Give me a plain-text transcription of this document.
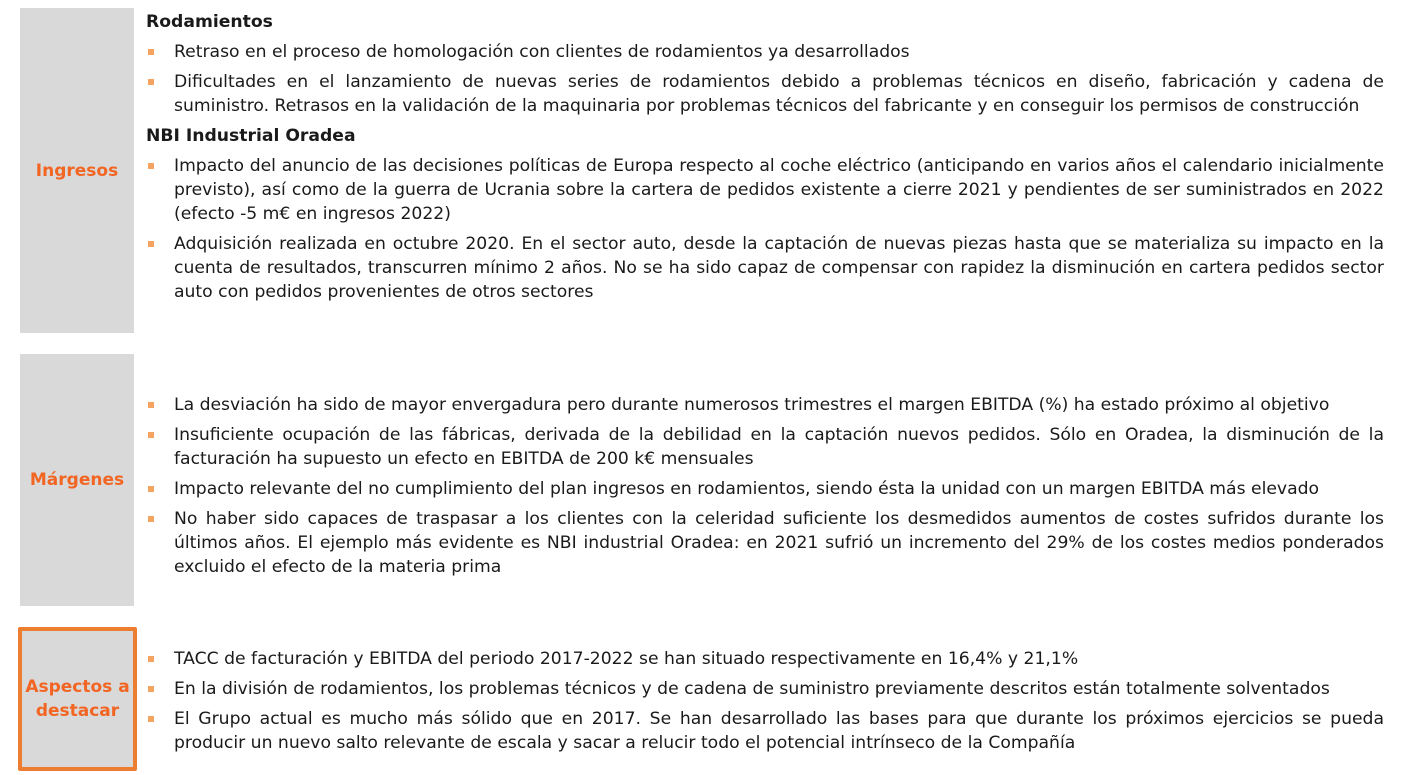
Ingresos
Rodamientos
Retraso en el proceso de homologación con clientes de rodamientos ya desarrollados
Dificultades en el lanzamiento de nuevas series de rodamientos debido a problemas técnicos en diseño, fabricación y cadena de suministro. Retrasos en la validación de la maquinaria por problemas técnicos del fabricante y en conseguir los permisos de construcción
NBI Industrial Oradea
Impacto del anuncio de las decisiones políticas de Europa respecto al coche eléctrico (anticipando en varios años el calendario inicialmente previsto), así como de la guerra de Ucrania sobre la cartera de pedidos existente a cierre 2021 y pendientes de ser suministrados en 2022 (efecto -5 m€ en ingresos 2022)
Adquisición realizada en octubre 2020. En el sector auto, desde la captación de nuevas piezas hasta que se materializa su impacto en la cuenta de resultados, transcurren mínimo 2 años. No se ha sido capaz de compensar con rapidez la disminución en cartera pedidos sector auto con pedidos provenientes de otros sectores
Márgenes
La desviación ha sido de mayor envergadura pero durante numerosos trimestres el margen EBITDA (%) ha estado próximo al objetivo
Insuficiente ocupación de las fábricas, derivada de la debilidad en la captación nuevos pedidos. Sólo en Oradea, la disminución de la facturación ha supuesto un efecto en EBITDA de 200 k€ mensuales
Impacto relevante del no cumplimiento del plan ingresos en rodamientos, siendo ésta la unidad con un margen EBITDA más elevado
No haber sido capaces de traspasar a los clientes con la celeridad suficiente los desmedidos aumentos de costes sufridos durante los últimos años. El ejemplo más evidente es NBI industrial Oradea: en 2021 sufrió un incremento del 29% de los costes medios ponderados excluido el efecto de la materia prima
Aspectos a
destacar
TACC de facturación y EBITDA del periodo 2017-2022 se han situado respectivamente en 16,4% y 21,1%
En la división de rodamientos, los problemas técnicos y de cadena de suministro previamente descritos están totalmente solventados
El Grupo actual es mucho más sólido que en 2017. Se han desarrollado las bases para que durante los próximos ejercicios se pueda producir un nuevo salto relevante de escala y sacar a relucir todo el potencial intrínseco de la Compañía
